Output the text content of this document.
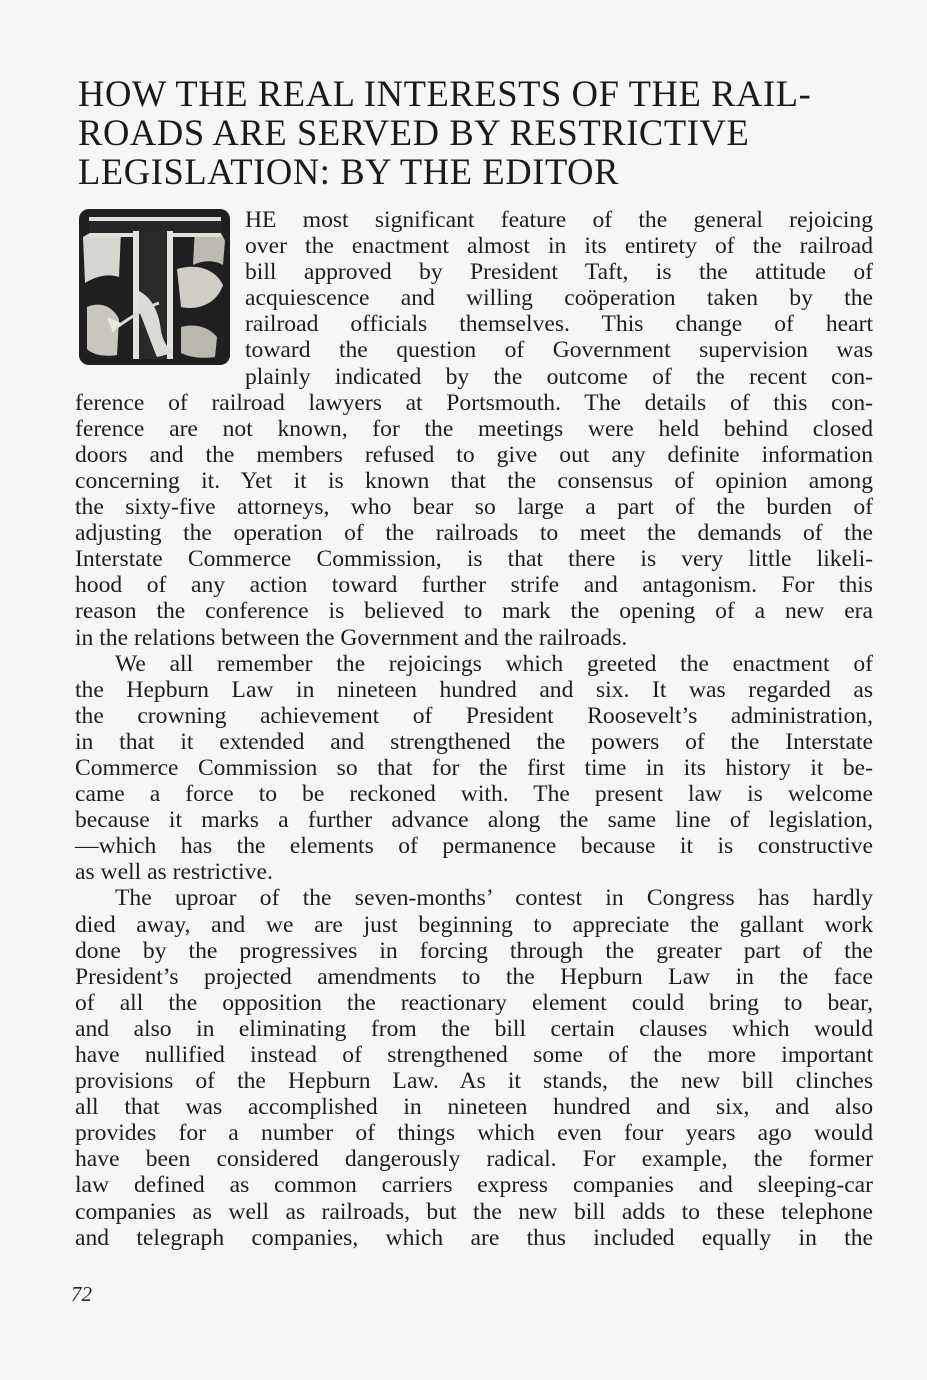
HOW THE REAL INTERESTS OF THE RAIL-
ROADS ARE SERVED BY RESTRICTIVE
LEGISLATION: BY THE EDITOR
HE most significant feature of the general rejoicing
over the enactment almost in its entirety of the railroad
bill approved by President Taft, is the attitude of
acquiescence and willing coöperation taken by the
railroad officials themselves. This change of heart
toward the question of Government supervision was
plainly indicated by the outcome of the recent con-
ference of railroad lawyers at Portsmouth. The details of this con-
ference are not known, for the meetings were held behind closed
doors and the members refused to give out any definite information
concerning it. Yet it is known that the consensus of opinion among
the sixty-five attorneys, who bear so large a part of the burden of
adjusting the operation of the railroads to meet the demands of the
Interstate Commerce Commission, is that there is very little likeli-
hood of any action toward further strife and antagonism. For this
reason the conference is believed to mark the opening of a new era
in the relations between the Government and the railroads.
We all remember the rejoicings which greeted the enactment of
the Hepburn Law in nineteen hundred and six. It was regarded as
the crowning achievement of President Roosevelt’s administration,
in that it extended and strengthened the powers of the Interstate
Commerce Commission so that for the first time in its history it be-
came a force to be reckoned with. The present law is welcome
because it marks a further advance along the same line of legislation,
—which has the elements of permanence because it is constructive
as well as restrictive.
The uproar of the seven-months’ contest in Congress has hardly
died away, and we are just beginning to appreciate the gallant work
done by the progressives in forcing through the greater part of the
President’s projected amendments to the Hepburn Law in the face
of all the opposition the reactionary element could bring to bear,
and also in eliminating from the bill certain clauses which would
have nullified instead of strengthened some of the more important
provisions of the Hepburn Law. As it stands, the new bill clinches
all that was accomplished in nineteen hundred and six, and also
provides for a number of things which even four years ago would
have been considered dangerously radical. For example, the former
law defined as common carriers express companies and sleeping-car
companies as well as railroads, but the new bill adds to these telephone
and telegraph companies, which are thus included equally in the
72
